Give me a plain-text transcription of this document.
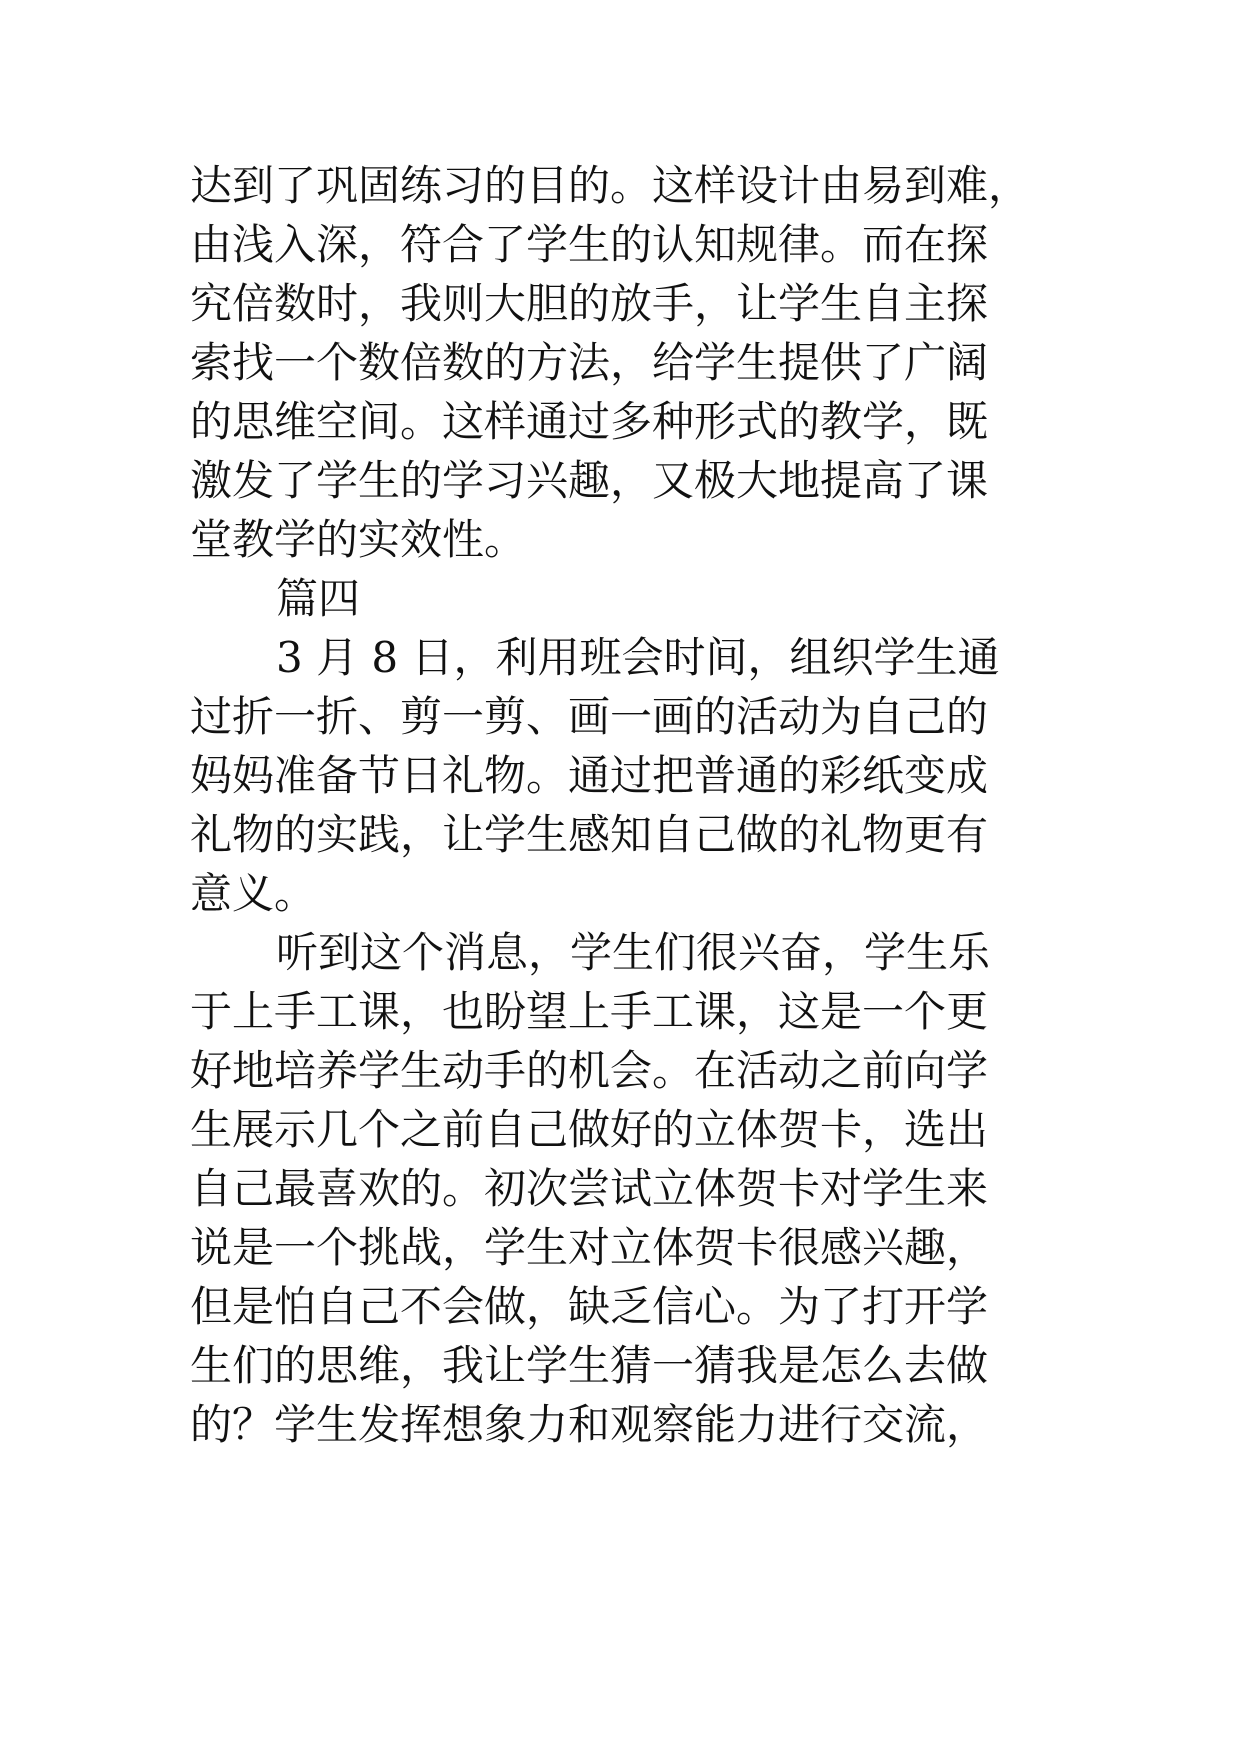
达到了巩固练习的目的。这样设计由易到难，
由浅入深，符合了学生的认知规律。而在探
究倍数时，我则大胆的放手，让学生自主探
索找一个数倍数的方法，给学生提供了广阔
的思维空间。这样通过多种形式的教学，既
激发了学生的学习兴趣，又极大地提高了课
堂教学的实效性。
篇四
3 月 8 日，利用班会时间，组织学生通
过折一折、剪一剪、画一画的活动为自己的
妈妈准备节日礼物。通过把普通的彩纸变成
礼物的实践，让学生感知自己做的礼物更有
意义。
听到这个消息，学生们很兴奋，学生乐
于上手工课，也盼望上手工课，这是一个更
好地培养学生动手的机会。在活动之前向学
生展示几个之前自己做好的立体贺卡，选出
自己最喜欢的。初次尝试立体贺卡对学生来
说是一个挑战，学生对立体贺卡很感兴趣，
但是怕自己不会做，缺乏信心。为了打开学
生们的思维，我让学生猜一猜我是怎么去做
的？学生发挥想象力和观察能力进行交流，
